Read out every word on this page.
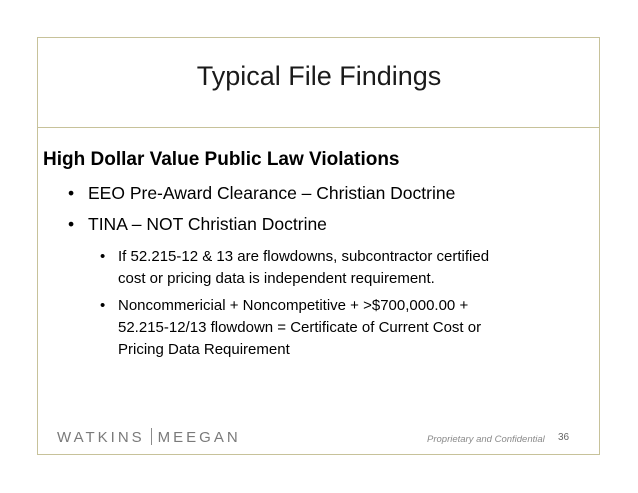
Typical File Findings
High Dollar Value Public Law Violations
• EEO Pre-Award Clearance – Christian Doctrine
• TINA – NOT Christian Doctrine
• If 52.215-12 & 13 are flowdowns, subcontractor certified
cost or pricing data is independent requirement.
• Noncommericial + Noncompetitive + >$700,000.00 +
52.215-12/13 flowdown = Certificate of Current Cost or
Pricing Data Requirement
WATKINS MEEGAN	Proprietary and Confidential 36
